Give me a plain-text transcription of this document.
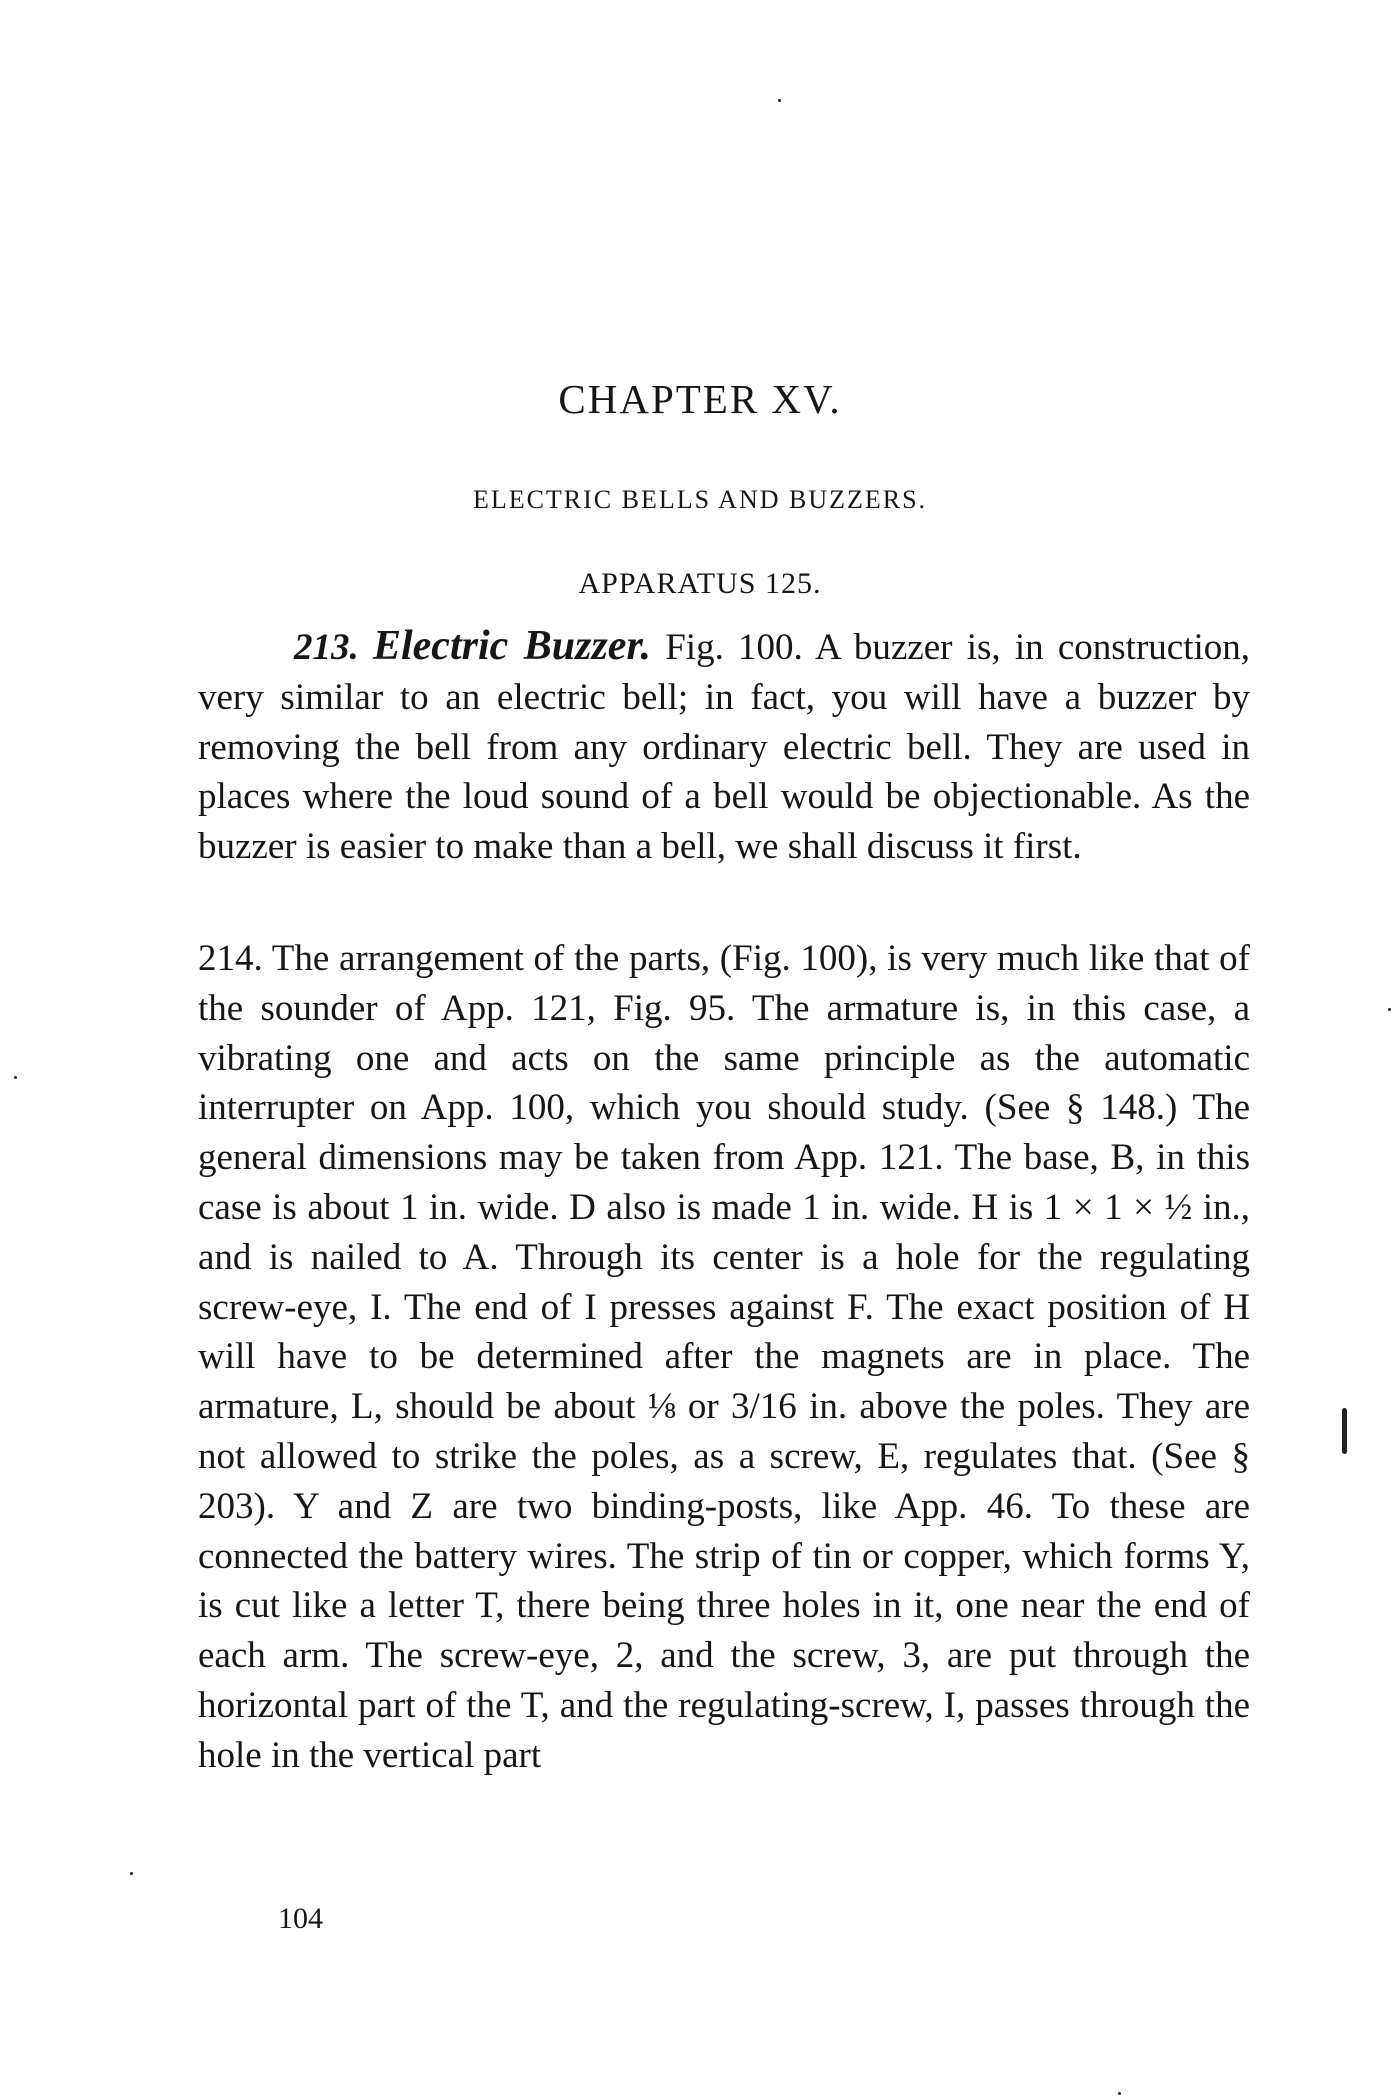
CHAPTER XV.
ELECTRIC BELLS AND BUZZERS.
APPARATUS 125.
213. Electric Buzzer. Fig. 100. A buzzer is, in construction, very similar to an electric bell; in fact, you will have a buzzer by removing the bell from any ordinary electric bell. They are used in places where the loud sound of a bell would be objectionable. As the buzzer is easier to make than a bell, we shall discuss it first.
214. The arrangement of the parts, (Fig. 100), is very much like that of the sounder of App. 121, Fig. 95. The armature is, in this case, a vibrating one and acts on the same principle as the automatic interrupter on App. 100, which you should study. (See § 148.) The general dimensions may be taken from App. 121. The base, B, in this case is about 1 in. wide. D also is made 1 in. wide. H is 1 × 1 × ½ in., and is nailed to A. Through its center is a hole for the regulating screw-eye, I. The end of I presses against F. The exact position of H will have to be determined after the magnets are in place. The armature, L, should be about ⅛ or 3/16 in. above the poles. They are not allowed to strike the poles, as a screw, E, regulates that. (See § 203). Y and Z are two binding-posts, like App. 46. To these are connected the battery wires. The strip of tin or copper, which forms Y, is cut like a letter T, there being three holes in it, one near the end of each arm. The screw-eye, 2, and the screw, 3, are put through the horizontal part of the T, and the regulating-screw, I, passes through the hole in the vertical part
104
